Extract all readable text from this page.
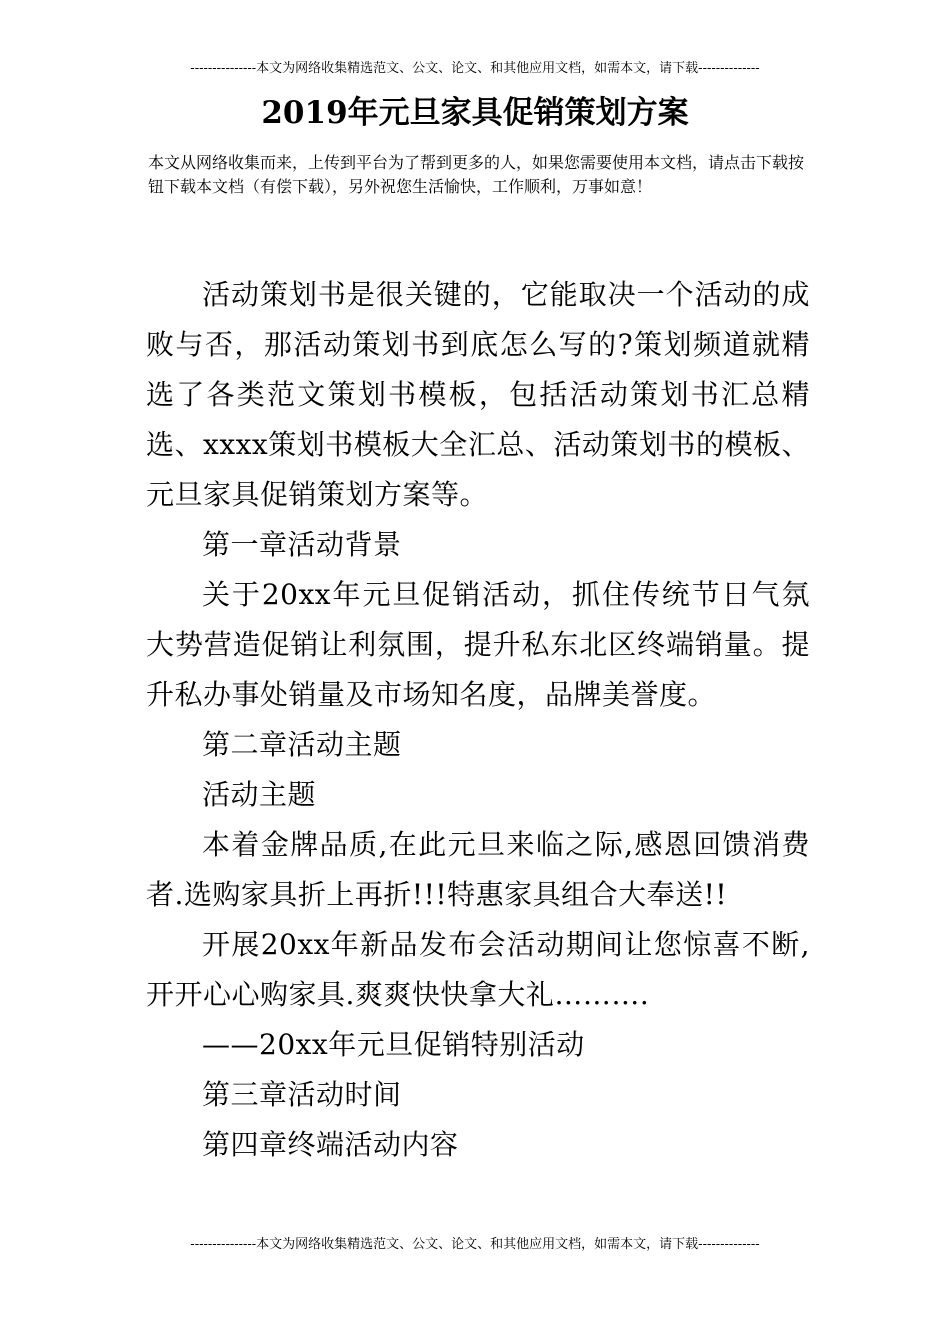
---------------本文为网络收集精选范文、公文、论文、和其他应用文档，如需本文，请下载--------------
2019年元旦家具促销策划方案
本文从网络收集而来，上传到平台为了帮到更多的人，如果您需要使用本文档，请点击下载按钮下载本文档（有偿下载），另外祝您生活愉快，工作顺利，万事如意！

活动策划书是很关键的，它能取决一个活动的成败与否，那活动策划书到底怎么写的?策划频道就精选了各类范文策划书模板，包括活动策划书汇总精选、xxxx策划书模板大全汇总、活动策划书的模板、元旦家具促销策划方案等。

第一章活动背景

关于20xx年元旦促销活动，抓住传统节日气氛大势营造促销让利氛围，提升私东北区终端销量。提升私办事处销量及市场知名度，品牌美誉度。

第二章活动主题

活动主题

本着金牌品质,在此元旦来临之际,感恩回馈消费者.选购家具折上再折!!!特惠家具组合大奉送!!

开展20xx年新品发布会活动期间让您惊喜不断,开开心心购家具.爽爽快快拿大礼……….

——20xx年元旦促销特别活动

第三章活动时间

第四章终端活动内容

---------------本文为网络收集精选范文、公文、论文、和其他应用文档，如需本文，请下载--------------
